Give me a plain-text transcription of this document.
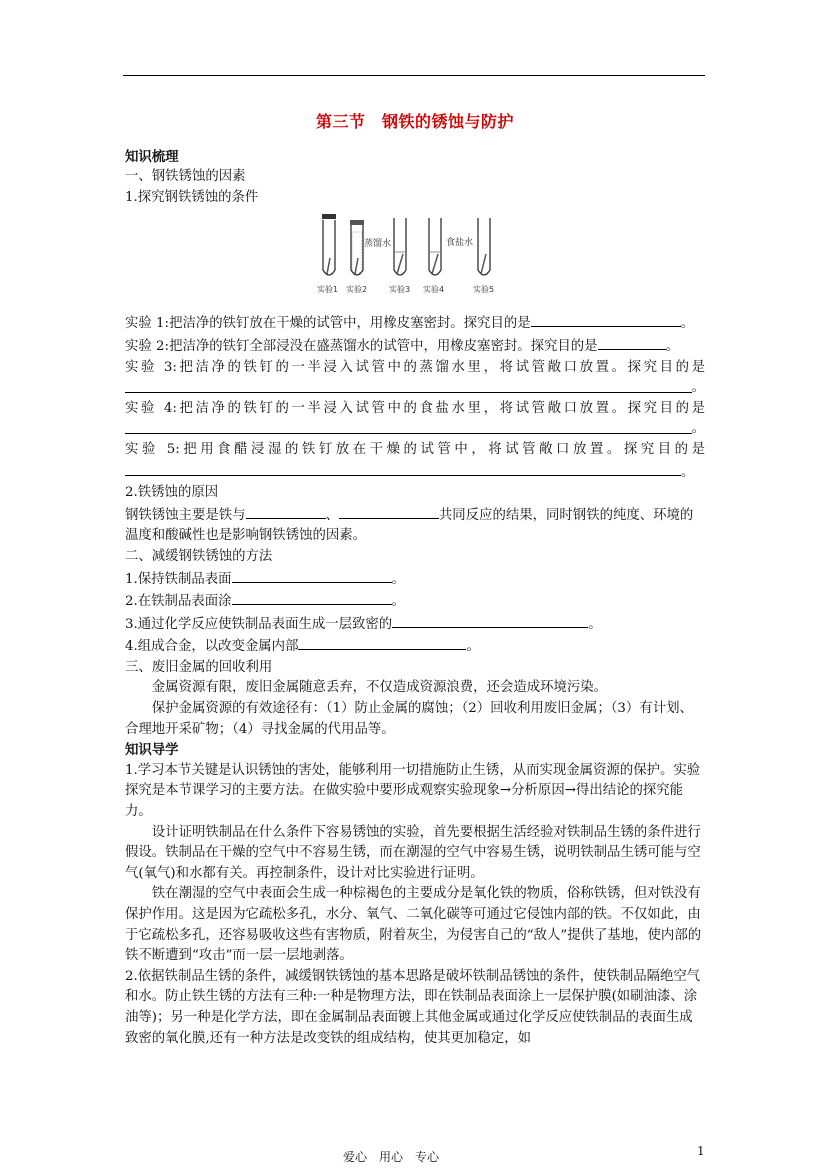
第三节　钢铁的锈蚀与防护

知识梳理

一、钢铁锈蚀的因素

1.探究钢铁锈蚀的条件

蒸馏水	食盐水
实验1 实验2	实验3 实验4	实验5

实验 1:把洁净的铁钉放在干燥的试管中，用橡皮塞密封。探究目的是	。

实验 2:把洁净的铁钉全部浸没在盛蒸馏水的试管中，用橡皮塞密封。探究目的是	。

实验 3:把洁净的铁钉的一半浸入试管中的蒸馏水里，将试管敞口放置。探究目的是

。

实验 4:把洁净的铁钉的一半浸入试管中的食盐水里，将试管敞口放置。探究目的是

。

实验 5:把用食醋浸湿的铁钉放在干燥的试管中，将试管敞口放置。探究目的是

。

2.铁锈蚀的原因

钢铁锈蚀主要是铁与	、	共同反应的结果，同时钢铁的纯度、环境的温度和酸碱性也是影响钢铁锈蚀的因素。

二、减缓钢铁锈蚀的方法

1.保持铁制品表面	。

2.在铁制品表面涂	。

3.通过化学反应使铁制品表面生成一层致密的	。

4.组成合金，以改变金属内部	。

三、废旧金属的回收利用

金属资源有限，废旧金属随意丢弃，不仅造成资源浪费，还会造成环境污染。

保护金属资源的有效途径有：（1）防止金属的腐蚀；（2）回收利用废旧金属；（3）有计划、合理地开采矿物；（4）寻找金属的代用品等。

知识导学

1.学习本节关键是认识锈蚀的害处，能够利用一切措施防止生锈，从而实现金属资源的保护。实验探究是本节课学习的主要方法。在做实验中要形成观察实验现象→分析原因→得出结论的探究能力。

设计证明铁制品在什么条件下容易锈蚀的实验，首先要根据生活经验对铁制品生锈的条件进行假设。铁制品在干燥的空气中不容易生锈，而在潮湿的空气中容易生锈，说明铁制品生锈可能与空气(氧气)和水都有关。再控制条件，设计对比实验进行证明。

铁在潮湿的空气中表面会生成一种棕褐色的主要成分是氧化铁的物质，俗称铁锈，但对铁没有保护作用。这是因为它疏松多孔，水分、氧气、二氧化碳等可通过它侵蚀内部的铁。不仅如此，由于它疏松多孔，还容易吸收这些有害物质，附着灰尘，为侵害自己的“敌人”提供了基地，使内部的铁不断遭到“攻击”而一层一层地剥落。

2.依据铁制品生锈的条件，减缓钢铁锈蚀的基本思路是破坏铁制品锈蚀的条件，使铁制品隔绝空气和水。防止铁生锈的方法有三种:一种是物理方法，即在铁制品表面涂上一层保护膜(如刷油漆、涂油等)；另一种是化学方法，即在金属制品表面镀上其他金属或通过化学反应使铁制品的表面生成致密的氧化膜,还有一种方法是改变铁的组成结构，使其更加稳定，如

爱心　用心　专心	1
